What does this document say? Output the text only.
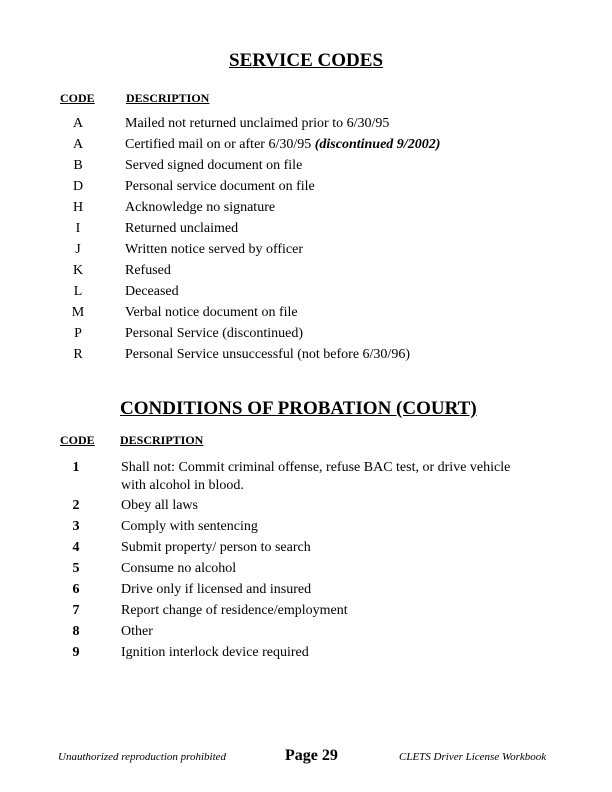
SERVICE CODES
CODE	DESCRIPTION
A	Mailed not returned unclaimed prior to 6/30/95
A	Certified mail on or after 6/30/95 (discontinued 9/2002)
B	Served signed document on file
D	Personal service document on file
H	Acknowledge no signature
I	Returned unclaimed
J	Written notice served by officer
K	Refused
L	Deceased
M	Verbal notice document on file
P	Personal Service (discontinued)
R	Personal Service unsuccessful (not before 6/30/96)
CONDITIONS OF PROBATION (COURT)
CODE DESCRIPTION
1	Shall not: Commit criminal offense, refuse BAC test, or drive vehicle
with alcohol in blood.
2	Obey all laws
3	Comply with sentencing
4	Submit property/ person to search
5	Consume no alcohol
6	Drive only if licensed and insured
7	Report change of residence/employment
8	Other
9	Ignition interlock device required
Unauthorized reproduction prohibited	Page 29	CLETS Driver License Workbook
